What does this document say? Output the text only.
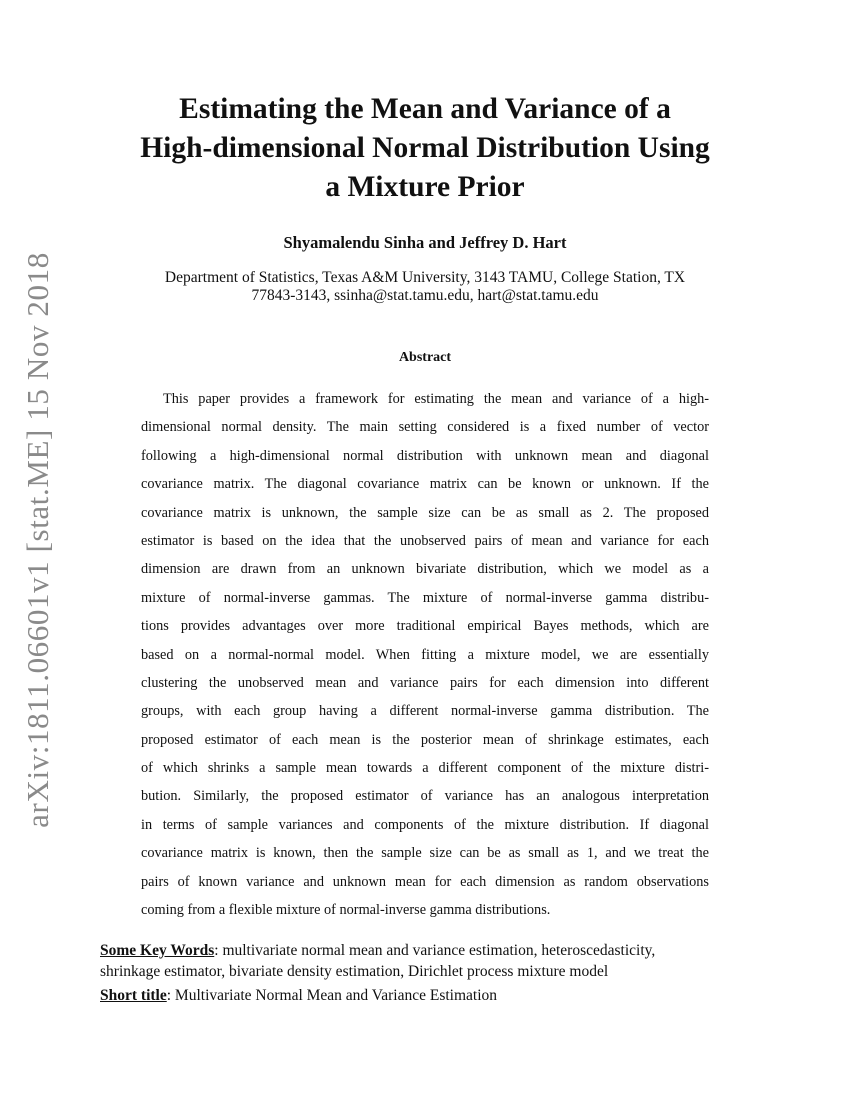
arXiv:1811.06601v1 [stat.ME] 15 Nov 2018
Estimating the Mean and Variance of a
High-dimensional Normal Distribution Using
a Mixture Prior
Shyamalendu Sinha and Jeffrey D. Hart
Department of Statistics, Texas A&M University, 3143 TAMU, College Station, TX
77843-3143, ssinha@stat.tamu.edu, hart@stat.tamu.edu
Abstract
This paper provides a framework for estimating the mean and variance of a high-
dimensional normal density. The main setting considered is a fixed number of vector
following a high-dimensional normal distribution with unknown mean and diagonal
covariance matrix. The diagonal covariance matrix can be known or unknown. If the
covariance matrix is unknown, the sample size can be as small as 2. The proposed
estimator is based on the idea that the unobserved pairs of mean and variance for each
dimension are drawn from an unknown bivariate distribution, which we model as a
mixture of normal-inverse gammas. The mixture of normal-inverse gamma distribu-
tions provides advantages over more traditional empirical Bayes methods, which are
based on a normal-normal model. When fitting a mixture model, we are essentially
clustering the unobserved mean and variance pairs for each dimension into different
groups, with each group having a different normal-inverse gamma distribution. The
proposed estimator of each mean is the posterior mean of shrinkage estimates, each
of which shrinks a sample mean towards a different component of the mixture distri-
bution. Similarly, the proposed estimator of variance has an analogous interpretation
in terms of sample variances and components of the mixture distribution. If diagonal
covariance matrix is known, then the sample size can be as small as 1, and we treat the
pairs of known variance and unknown mean for each dimension as random observations
coming from a flexible mixture of normal-inverse gamma distributions.
Some Key Words: multivariate normal mean and variance estimation, heteroscedasticity,
shrinkage estimator, bivariate density estimation, Dirichlet process mixture model
Short title: Multivariate Normal Mean and Variance Estimation
